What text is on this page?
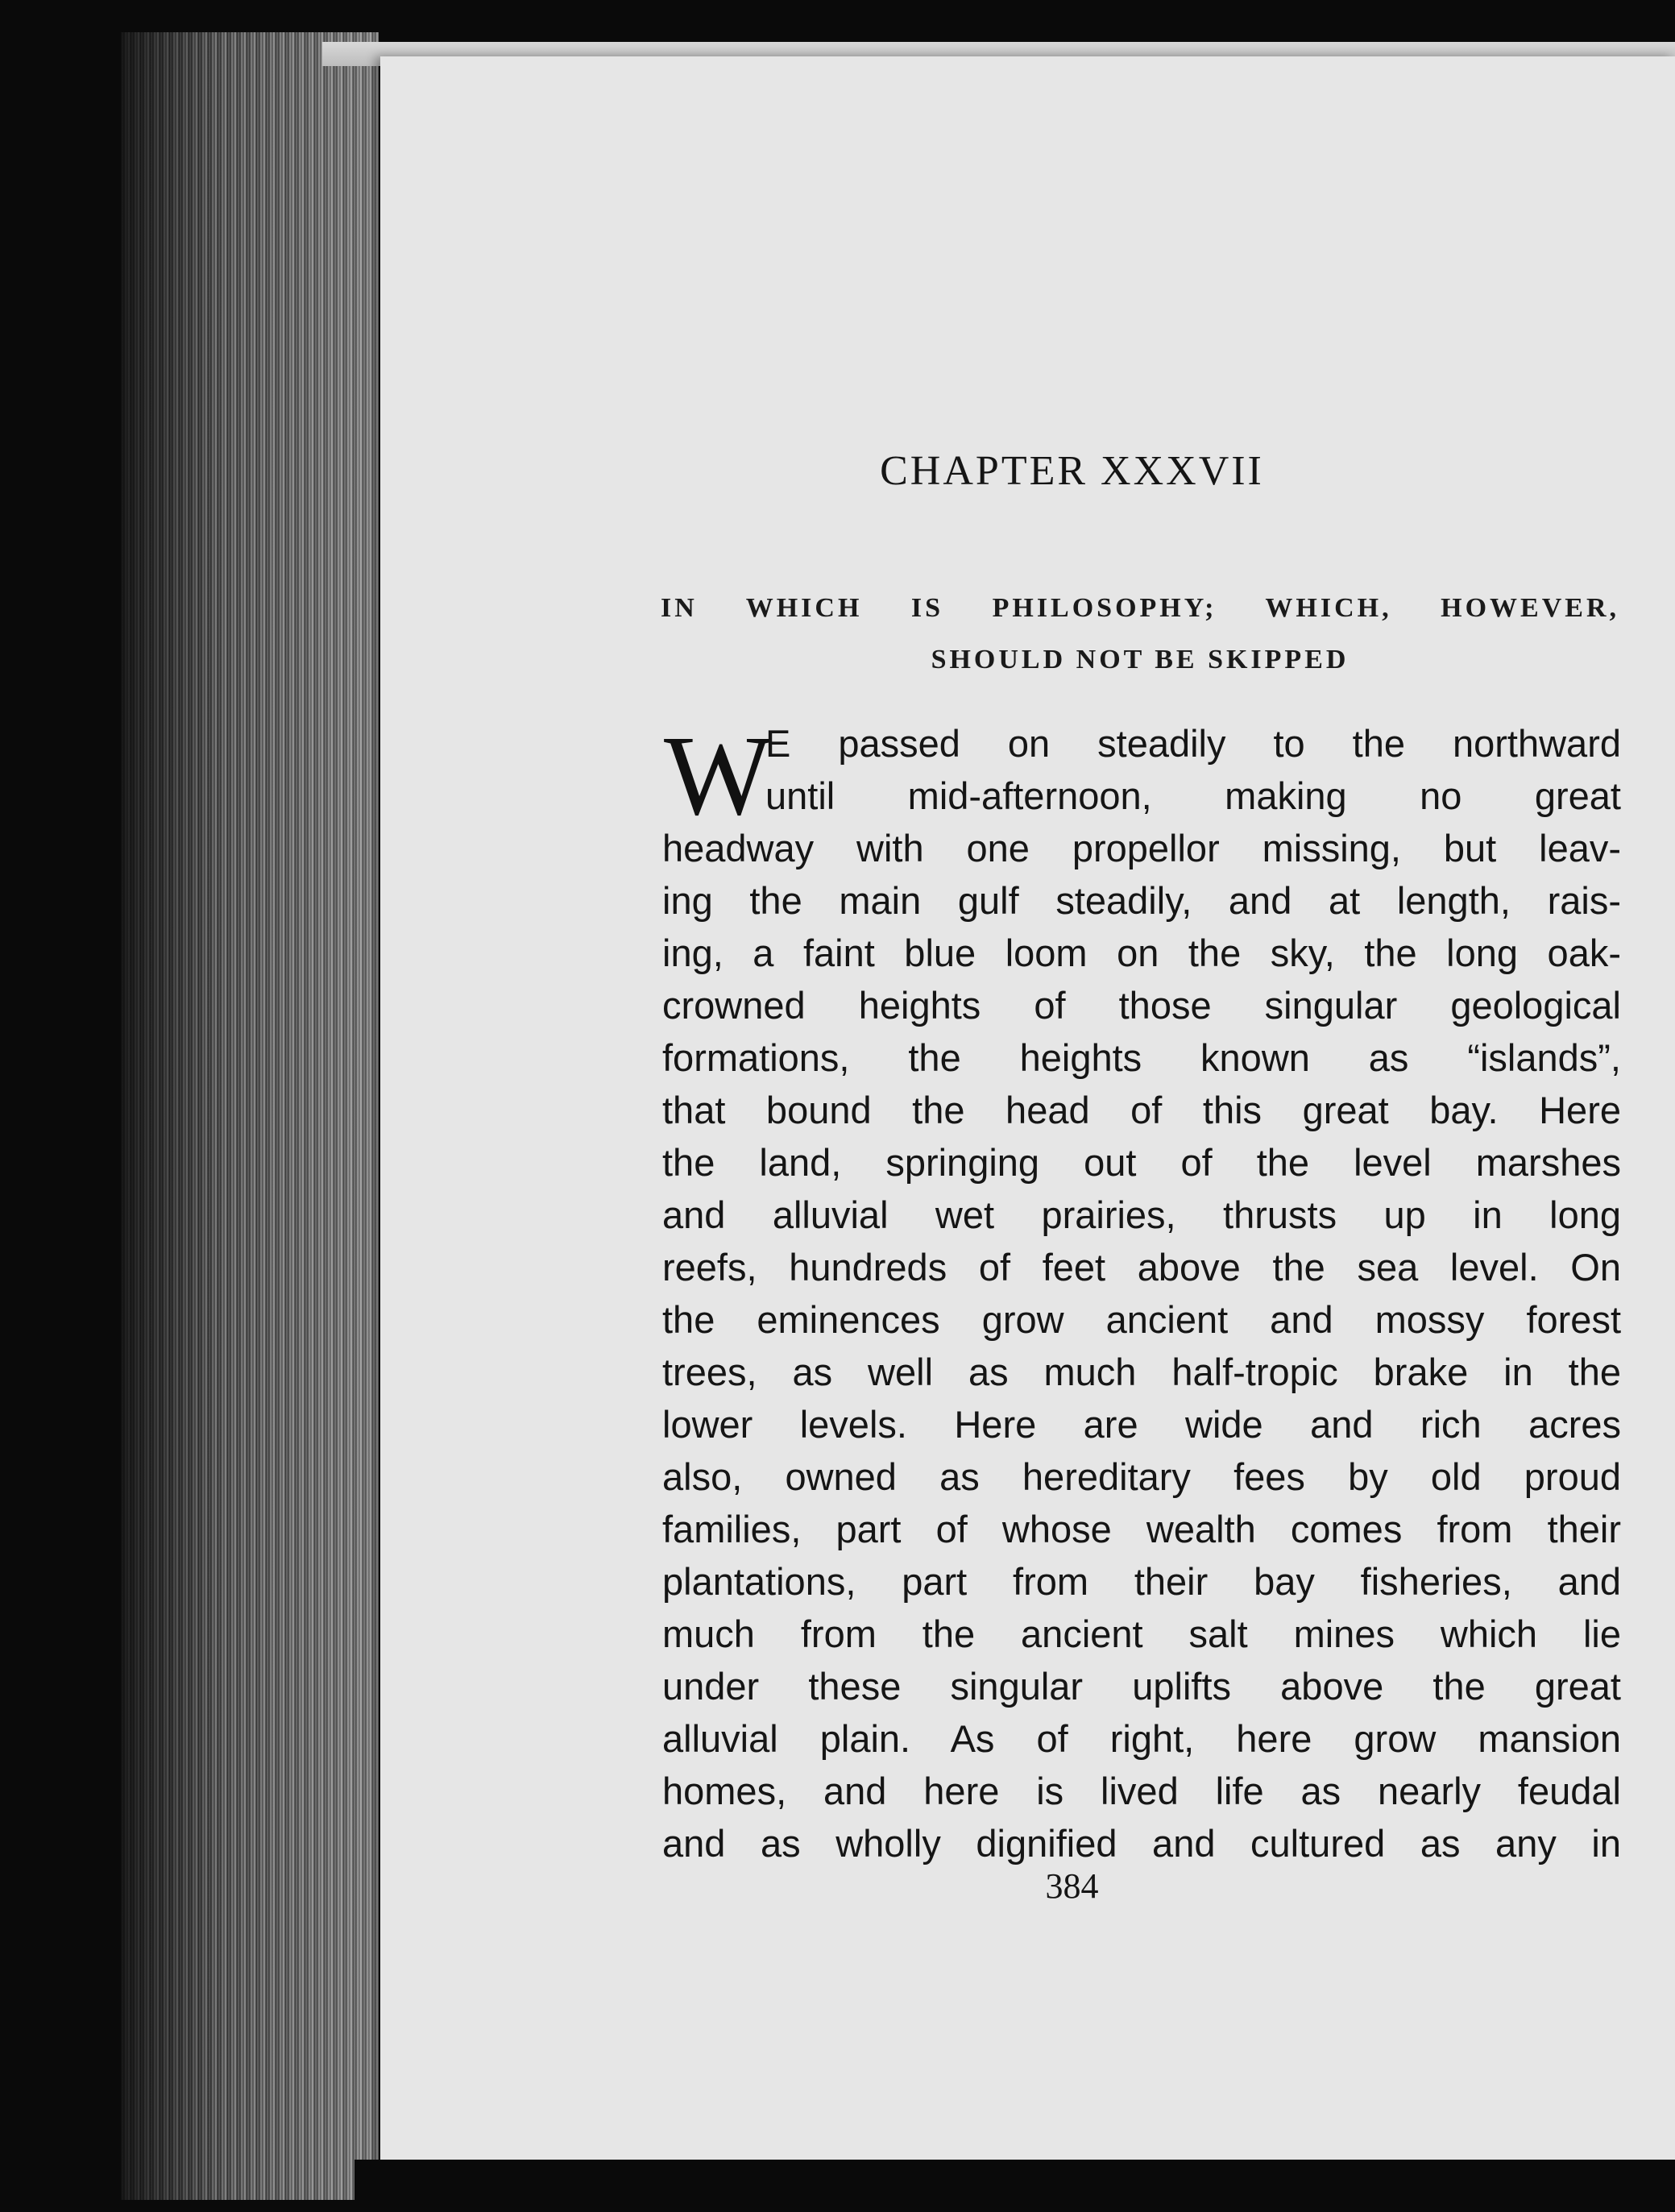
CHAPTER XXXVII
IN WHICH IS PHILOSOPHY; WHICH, HOWEVER,
SHOULD NOT BE SKIPPED
W
E passed on steadily to the northward
until mid-afternoon, making no great
headway with one propellor missing, but leav-
ing the main gulf steadily, and at length, rais-
ing, a faint blue loom on the sky, the long oak-
crowned heights of those singular geological
formations, the heights known as “islands”,
that bound the head of this great bay. Here
the land, springing out of the level marshes
and alluvial wet prairies, thrusts up in long
reefs, hundreds of feet above the sea level. On
the eminences grow ancient and mossy forest
trees, as well as much half-tropic brake in the
lower levels. Here are wide and rich acres
also, owned as hereditary fees by old proud
families, part of whose wealth comes from their
plantations, part from their bay fisheries, and
much from the ancient salt mines which lie
under these singular uplifts above the great
alluvial plain. As of right, here grow mansion
homes, and here is lived life as nearly feudal
and as wholly dignified and cultured as any in
384
